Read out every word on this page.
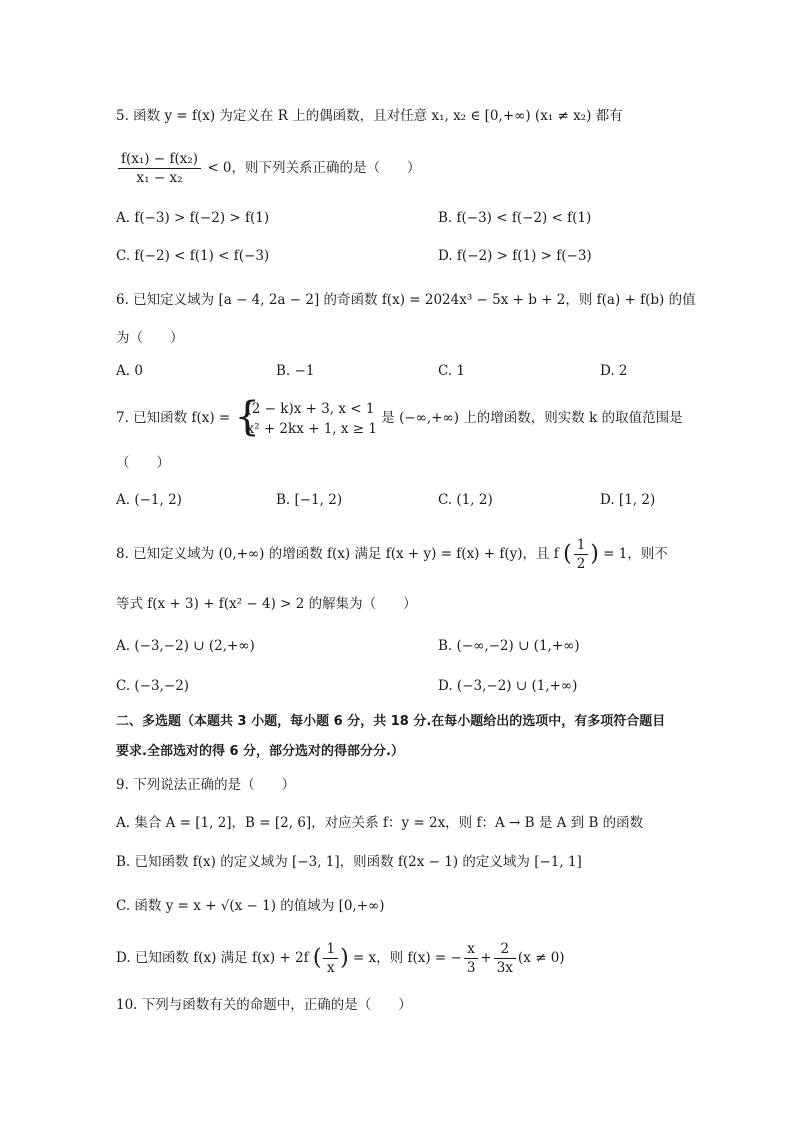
5. 函数 y = f(x) 为定义在 R 上的偶函数，且对任意 x₁, x₂ ∈ [0,+∞) (x₁ ≠ x₂) 都有
$\frac{\text{f(x₁) − f(x₂)}}{\text{x₁ − x₂}} < 0$，则下列关系正确的是（　　）
A. f(−3) > f(−2) > f(1)	B. f(−3) < f(−2) < f(1)
C. f(−2) < f(1) < f(−3)	D. f(−2) > f(1) > f(−3)
6. 已知定义域为 [a − 4, 2a − 2] 的奇函数 f(x) = 2024x³ − 5x + b + 2，则 f(a) + f(b) 的值
为（　　）
A. 0	B. −1	C. 1	D. 2
7. 已知函数 f(x) = {
(2 − k)x + 3, x < 1
x² + 2kx + 1, x ≥ 1
是 (−∞,+∞) 上的增函数，则实数 k 的取值范围是
（　　）
A. (−1, 2)	B. [−1, 2)	C. (1, 2)	D. [1, 2)
8. 已知定义域为 (0,+∞) 的增函数 f(x) 满足 f(x + y) = f(x) + f(y)，且 f ( $\frac{1}{2}$ ) = 1，则不
等式 f(x + 3) + f(x² − 4) > 2 的解集为（　　）
A. (−3,−2) ∪ (2,+∞)	B. (−∞,−2) ∪ (1,+∞)
C. (−3,−2)	D. (−3,−2) ∪ (1,+∞)
二、多选题（本题共 3 小题，每小题 6 分，共 18 分.在每小题给出的选项中，有多项符合题目
要求.全部选对的得 6 分，部分选对的得部分分.）
9. 下列说法正确的是（　　）
A. 集合 A = [1, 2]，B = [2, 6]，对应关系 f：y = 2x，则 f：A → B 是 A 到 B 的函数
B. 已知函数 f(x) 的定义域为 [−3, 1]，则函数 f(2x − 1) 的定义域为 [−1, 1]
C. 函数 y = x + √(x − 1) 的值域为 [0,+∞)
D. 已知函数 f(x) 满足 f(x) + 2f ( $\frac{1}{x}$ ) = x，则 f(x) = − $\frac{x}{3} + \frac{2}{3x} (x \ne 0)$
10. 下列与函数有关的命题中，正确的是（　　）
